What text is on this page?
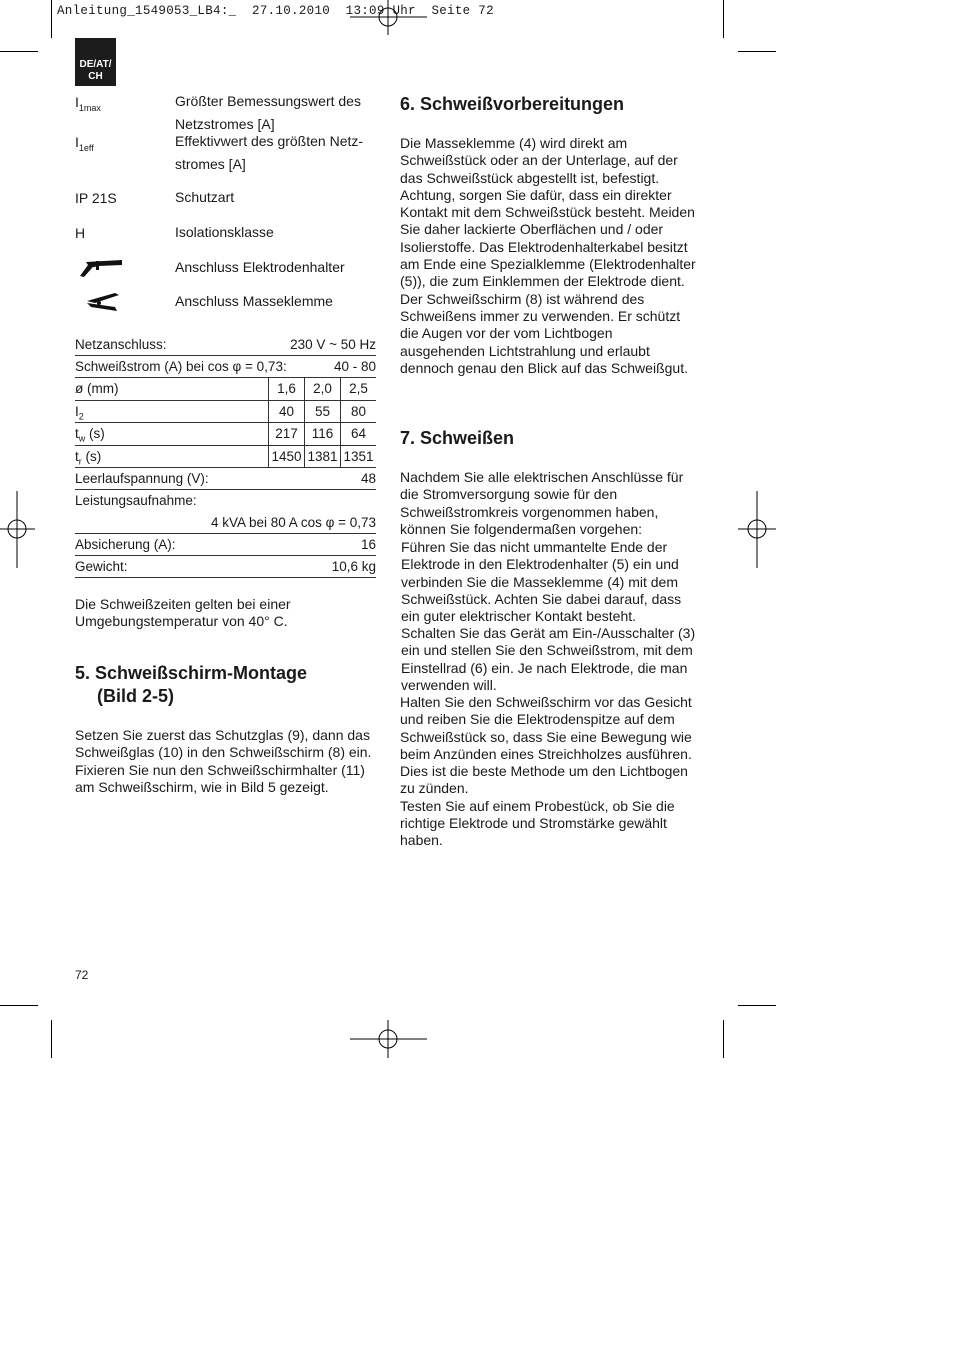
Anleitung_1549053_LB4:_  27.10.2010  13:09 Uhr  Seite 72
DE/AT/
CH
$I_{1max}$	Größter Bemessungswert des Netzstromes [A]
$I_{1eff}$	Effektivwert des größten Netz-stromes [A]
IP 21S	Schutzart
H	Isolationsklasse
Anschluss Elektrodenhalter
Anschluss Masseklemme
Netzanschluss:	230 V ~ 50 Hz
Schweißstrom (A) bei cos φ = 0,73:	40 - 80
Leerlaufspannung (V):	48
Leistungsaufnahme:
4 kVA bei 80 A cos φ = 0,73
Absicherung (A):	16
Gewicht:	10,6 kg
ø (mm)	1,6	2,0	2,5
$I_2$	40	55	80
$t_w$ (s)	217	116	64
$t_r$ (s)	1450 1381 1351
Die Schweißzeiten gelten bei einer Umgebungstemperatur von 40° C.
5. Schweißschirm-Montage
(Bild 2-5)
Setzen Sie zuerst das Schutzglas (9), dann das Schweißglas (10) in den Schweißschirm (8) ein. Fixieren Sie nun den Schweißschirmhalter (11) am Schweißschirm, wie in Bild 5 gezeigt.
6. Schweißvorbereitungen
Die Masseklemme (4) wird direkt am Schweißstück oder an der Unterlage, auf der das Schweißstück abgestellt ist, befestigt. Achtung, sorgen Sie dafür, dass ein direkter Kontakt mit dem Schweißstück besteht. Meiden Sie daher lackierte Oberflächen und / oder Isolierstoffe. Das Elektrodenhalterkabel besitzt am Ende eine Spezialklemme (Elektrodenhalter (5)), die zum Einklemmen der Elektrode dient.
Der Schweißschirm (8) ist während des Schweißens immer zu verwenden. Er schützt die Augen vor der vom Lichtbogen ausgehenden Lichtstrahlung und erlaubt dennoch genau den Blick auf das Schweißgut.
7. Schweißen
Nachdem Sie alle elektrischen Anschlüsse für die Stromversorgung sowie für den Schweißstromkreis vorgenommen haben, können Sie folgendermaßen vorgehen:
Führen Sie das nicht ummantelte Ende der Elektrode in den Elektrodenhalter (5) ein und verbinden Sie die Masseklemme (4) mit dem Schweißstück. Achten Sie dabei darauf, dass ein guter elektrischer Kontakt besteht.
Schalten Sie das Gerät am Ein-/Ausschalter (3) ein und stellen Sie den Schweißstrom, mit dem Einstellrad (6) ein. Je nach Elektrode, die man verwenden will.
Halten Sie den Schweißschirm vor das Gesicht und reiben Sie die Elektrodenspitze auf dem Schweißstück so, dass Sie eine Bewegung wie beim Anzünden eines Streichholzes ausführen. Dies ist die beste Methode um den Lichtbogen zu zünden.
Testen Sie auf einem Probestück, ob Sie die richtige Elektrode und Stromstärke gewählt haben.
72
